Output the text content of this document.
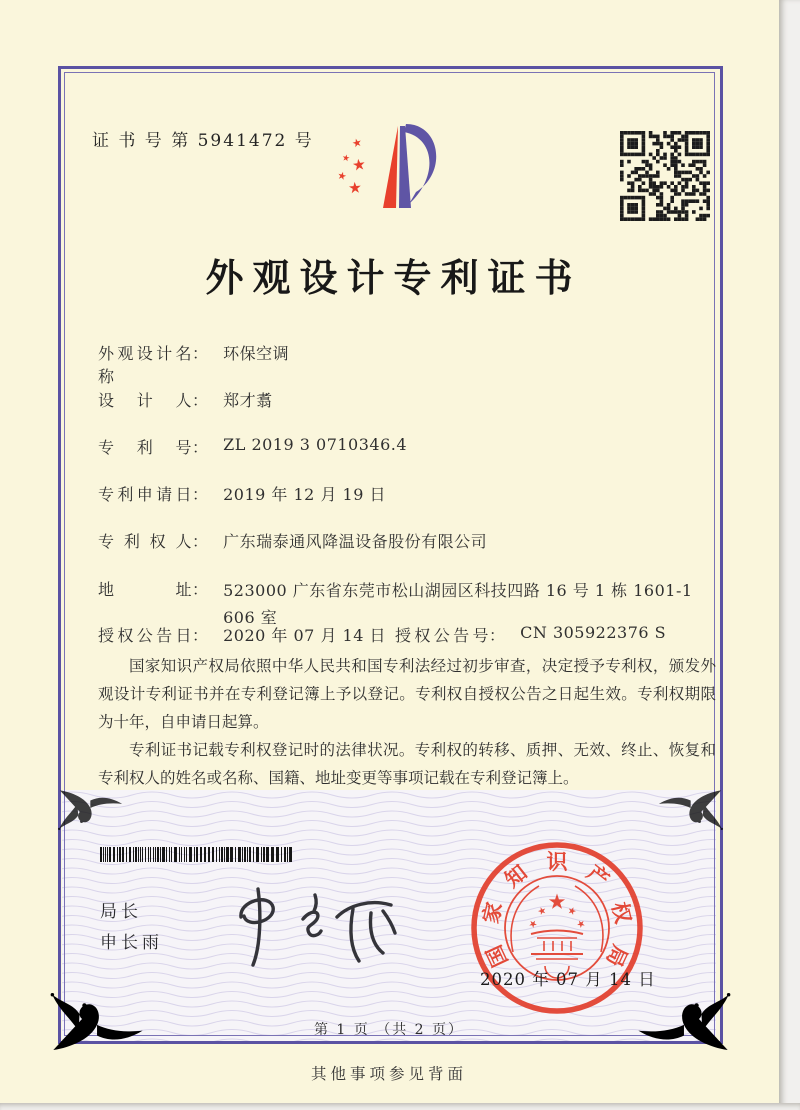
证 书 号 第 5941472 号
外观设计专利证书
外观设计名称： 环保空调
设计人： 郑才翥
专利号： ZL 2019 3 0710346.4
专利申请日： 2019 年 12 月 19 日
专利权人： 广东瑞泰通风降温设备股份有限公司
地址： 523000 广东省东莞市松山湖园区科技四路 16 号 1 栋 1601-1 606 室
授权公告日： 2020 年 07 月 14 日 授权公告号： CN 305922376 S

国家知识产权局依照中华人民共和国专利法经过初步审查，决定授予专利权，颁发外观设计专利证书并在专利登记簿上予以登记。专利权自授权公告之日起生效。专利权期限为十年，自申请日起算。

专利证书记载专利权登记时的法律状况。专利权的转移、质押、无效、终止、恢复和专利权人的姓名或名称、国籍、地址变更等事项记载在专利登记簿上。

局长
申长雨	国
家
知 识 产
权
局
2020 年 07 月 14 日
第 1 页 （共 2 页）
其他事项参见背面
